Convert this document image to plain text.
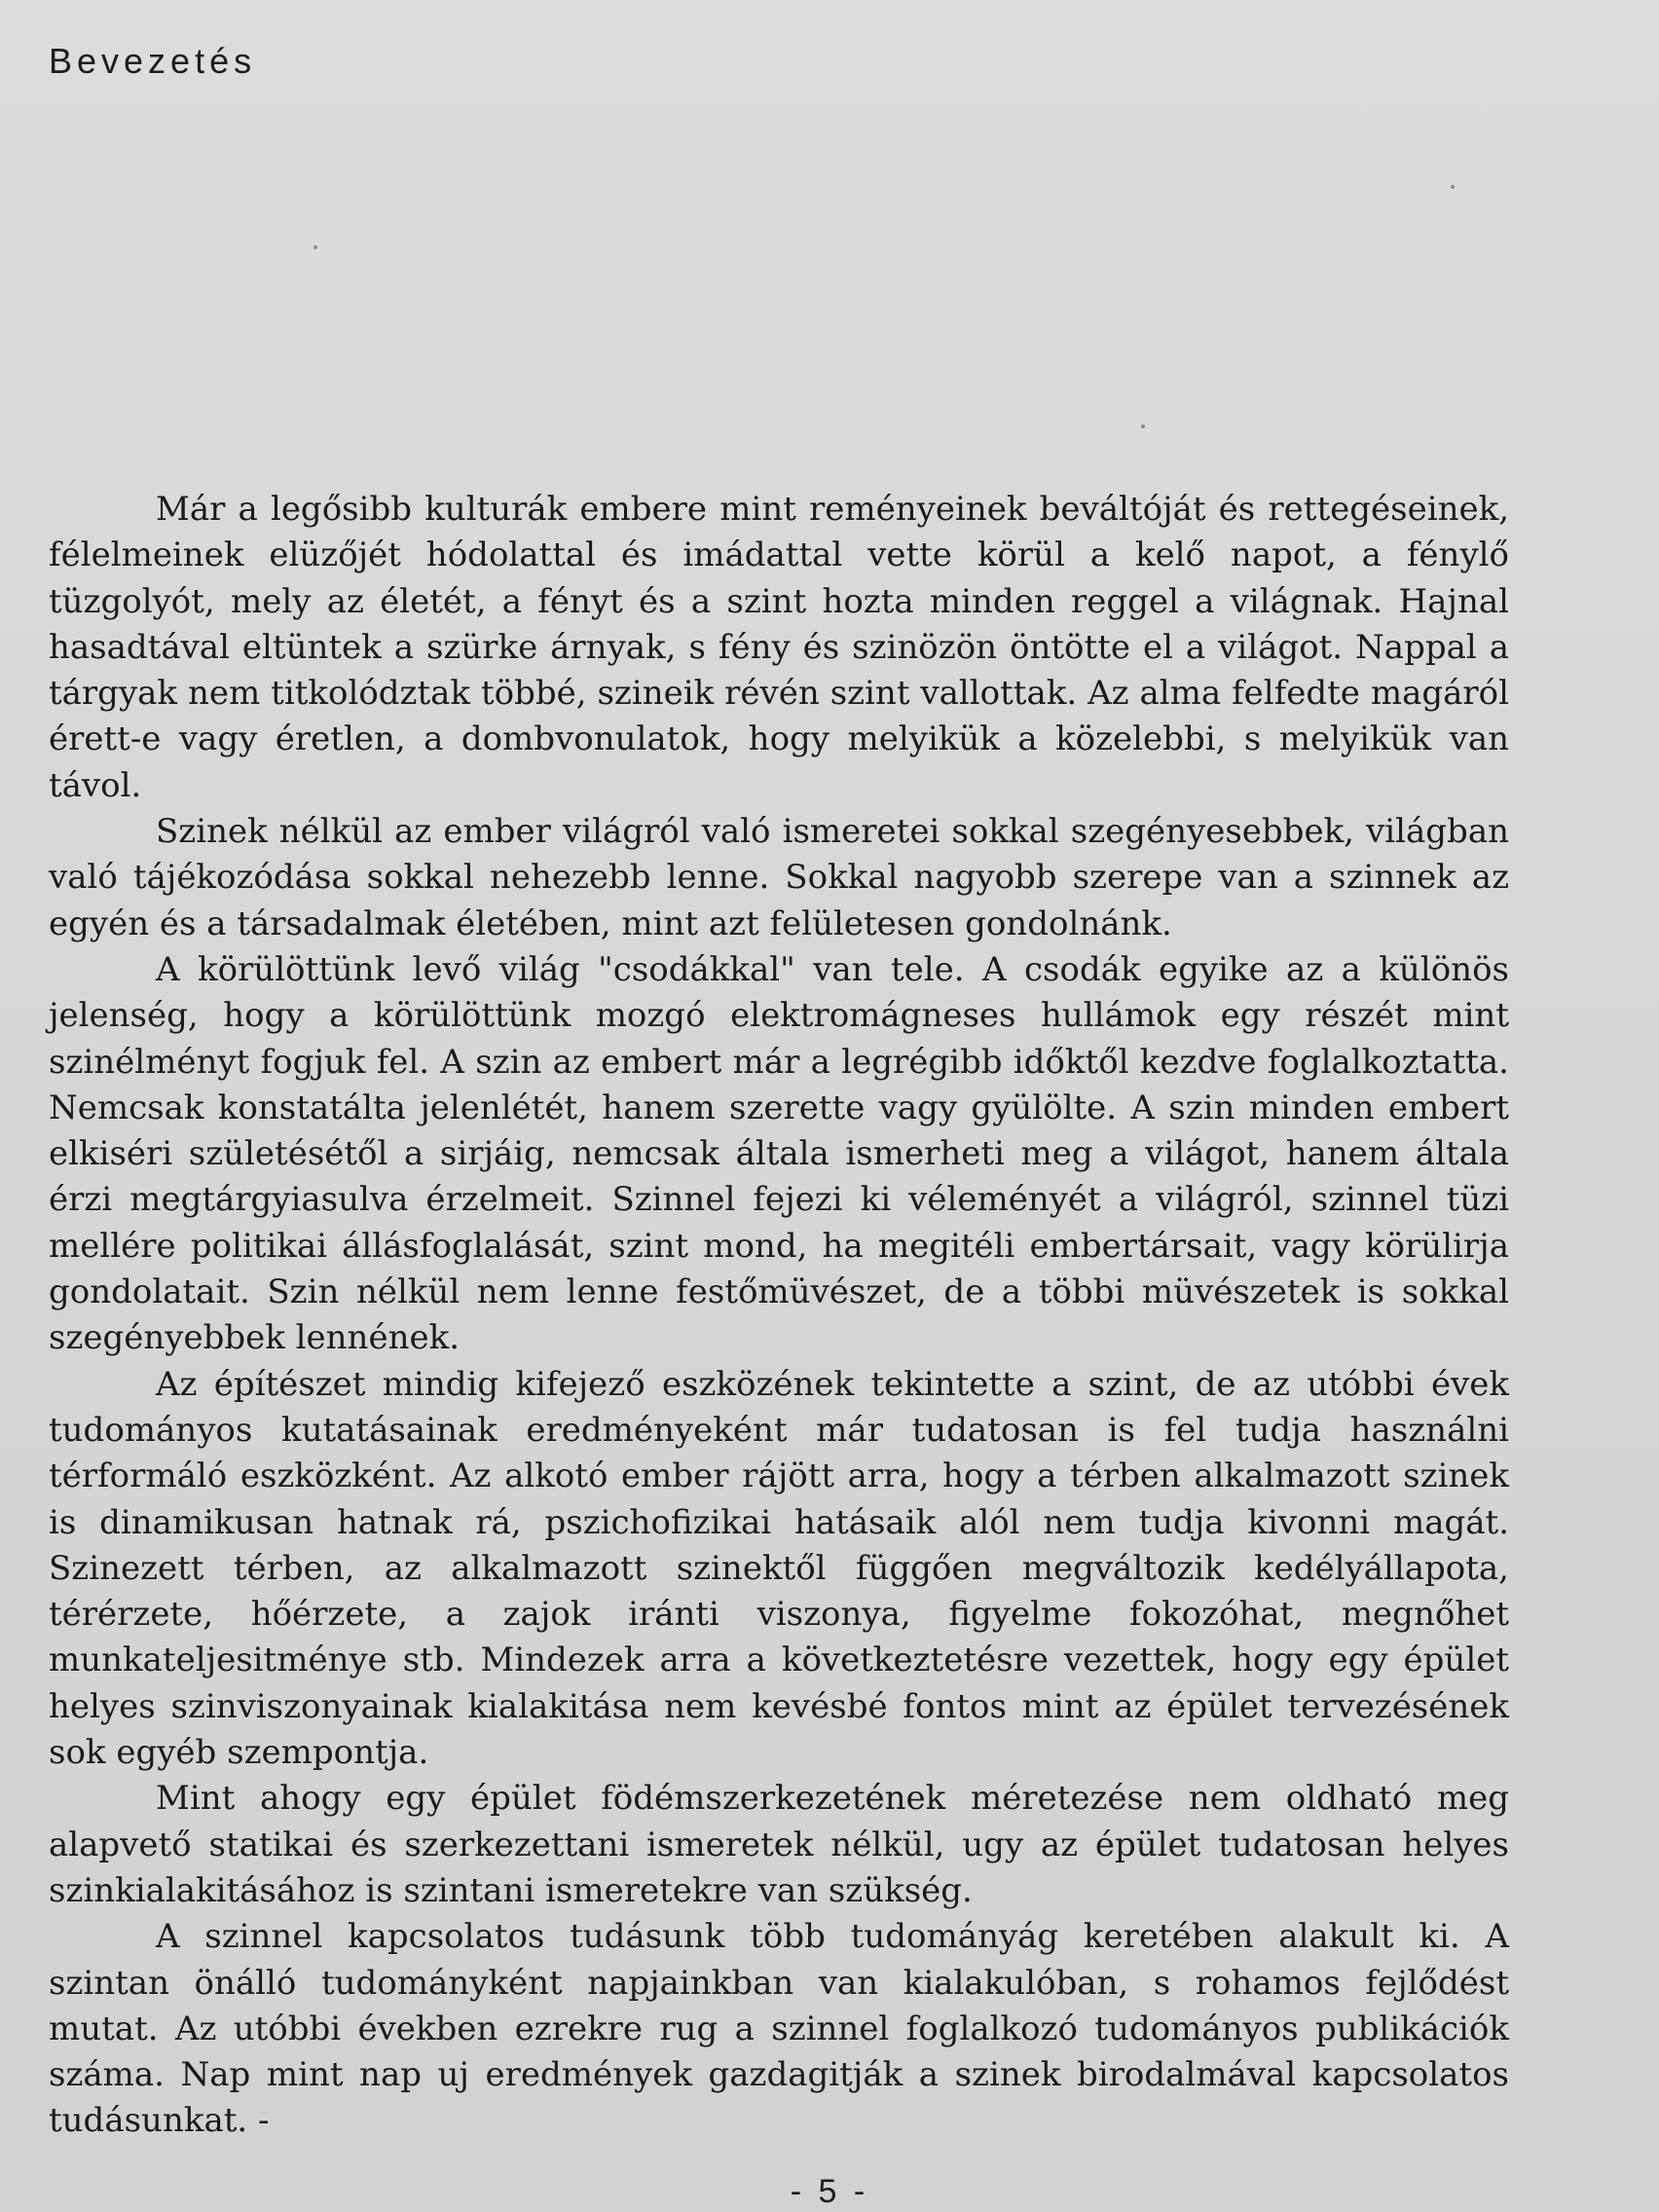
Bevezetés

Már a legősibb kulturák embere mint reményeinek beváltóját és rettegéseinek, félelmeinek elüzőjét hódolattal és imádattal vette körül a kelő napot, a fénylő tüzgolyót, mely az életét, a fényt és a szint hozta minden reggel a világnak. Hajnal hasadtával eltüntek a szürke árnyak, s fény és szinözön öntötte el a világot. Nappal a tárgyak nem titkolództak többé, szineik révén szint vallottak. Az alma felfedte magáról érett-e vagy éretlen, a dombvonulatok, hogy melyikük a közelebbi, s melyikük van távol.

Szinek nélkül az ember világról való ismeretei sokkal szegényesebbek, világban való tájékozódása sokkal nehezebb lenne. Sokkal nagyobb szerepe van a szinnek az egyén és a társadalmak életében, mint azt felületesen gondolnánk.

A körülöttünk levő világ "csodákkal" van tele. A csodák egyike az a különös jelenség, hogy a körülöttünk mozgó elektromágneses hullámok egy részét mint szinélményt fogjuk fel. A szin az embert már a legrégibb időktől kezdve foglalkoztatta. Nemcsak konstatálta jelenlétét, hanem szerette vagy gyülölte. A szin minden embert elkiséri születésétől a sirjáig, nemcsak általa ismerheti meg a világot, hanem általa érzi megtárgyiasulva érzelmeit. Szinnel fejezi ki véleményét a világról, szinnel tüzi mellére politikai állásfoglalását, szint mond, ha megitéli embertársait, vagy körülirja gondolatait. Szin nélkül nem lenne festőmüvészet, de a többi müvészetek is sokkal szegényebbek lennének.

Az építészet mindig kifejező eszközének tekintette a szint, de az utóbbi évek tudományos kutatásainak eredményeként már tudatosan is fel tudja használni térformáló eszközként. Az alkotó ember rájött arra, hogy a térben alkalmazott szinek is dinamikusan hatnak rá, pszichofizikai hatásaik alól nem tudja kivonni magát. Szinezett térben, az alkalmazott szinektől függően megváltozik kedélyállapota, térérzete, hőérzete, a zajok iránti viszonya, figyelme fokozóhat, megnőhet munkateljesitménye stb. Mindezek arra a következtetésre vezettek, hogy egy épület helyes szinviszonyainak kialakitása nem kevésbé fontos mint az épület tervezésének sok egyéb szempontja.

Mint ahogy egy épület födémszerkezetének méretezése nem oldható meg alapvető statikai és szerkezettani ismeretek nélkül, ugy az épület tudatosan helyes szinkialakitásához is szintani ismeretekre van szükség.

A szinnel kapcsolatos tudásunk több tudományág keretében alakult ki. A szintan önálló tudományként napjainkban van kialakulóban, s rohamos fejlődést mutat. Az utóbbi években ezrekre rug a szinnel foglalkozó tudományos publikációk száma. Nap mint nap uj eredmények gazdagitják a szinek birodalmával kapcsolatos tudásunkat. -

- 5 -
